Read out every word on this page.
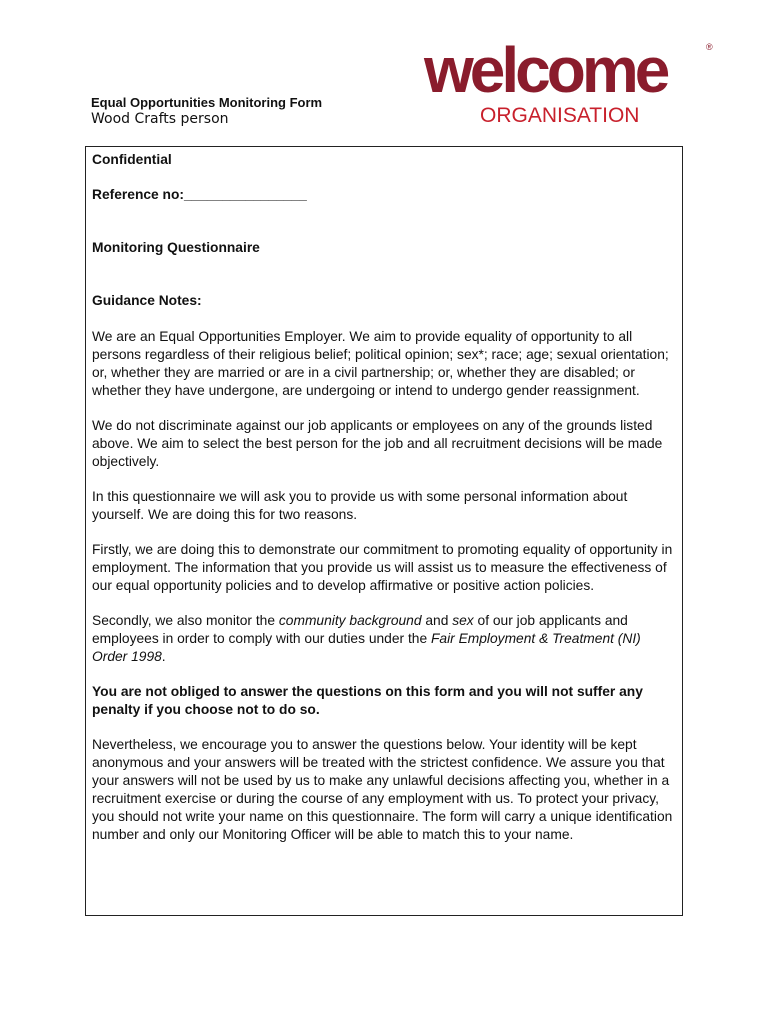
welcome	®
ORGANISATION

Equal Opportunities Monitoring Form

Wood Crafts person

Confidential

Reference no:________________

Monitoring Questionnaire

Guidance Notes:

We are an Equal Opportunities Employer. We aim to provide equality of opportunity to all persons regardless of their religious belief; political opinion; sex*; race; age; sexual orientation; or, whether they are married or are in a civil partnership; or, whether they are disabled; or whether they have undergone, are undergoing or intend to undergo gender reassignment.

We do not discriminate against our job applicants or employees on any of the grounds listed above. We aim to select the best person for the job and all recruitment decisions will be made objectively.

In this questionnaire we will ask you to provide us with some personal information about yourself. We are doing this for two reasons.

Firstly, we are doing this to demonstrate our commitment to promoting equality of opportunity in employment. The information that you provide us will assist us to measure the effectiveness of our equal opportunity policies and to develop affirmative or positive action policies.

Secondly, we also monitor the community background and sex of our job applicants and employees in order to comply with our duties under the Fair Employment & Treatment (NI) Order 1998.

You are not obliged to answer the questions on this form and you will not suffer any penalty if you choose not to do so.

Nevertheless, we encourage you to answer the questions below. Your identity will be kept anonymous and your answers will be treated with the strictest confidence. We assure you that your answers will not be used by us to make any unlawful decisions affecting you, whether in a recruitment exercise or during the course of any employment with us. To protect your privacy, you should not write your name on this questionnaire. The form will carry a unique identification number and only our Monitoring Officer will be able to match this to your name.
